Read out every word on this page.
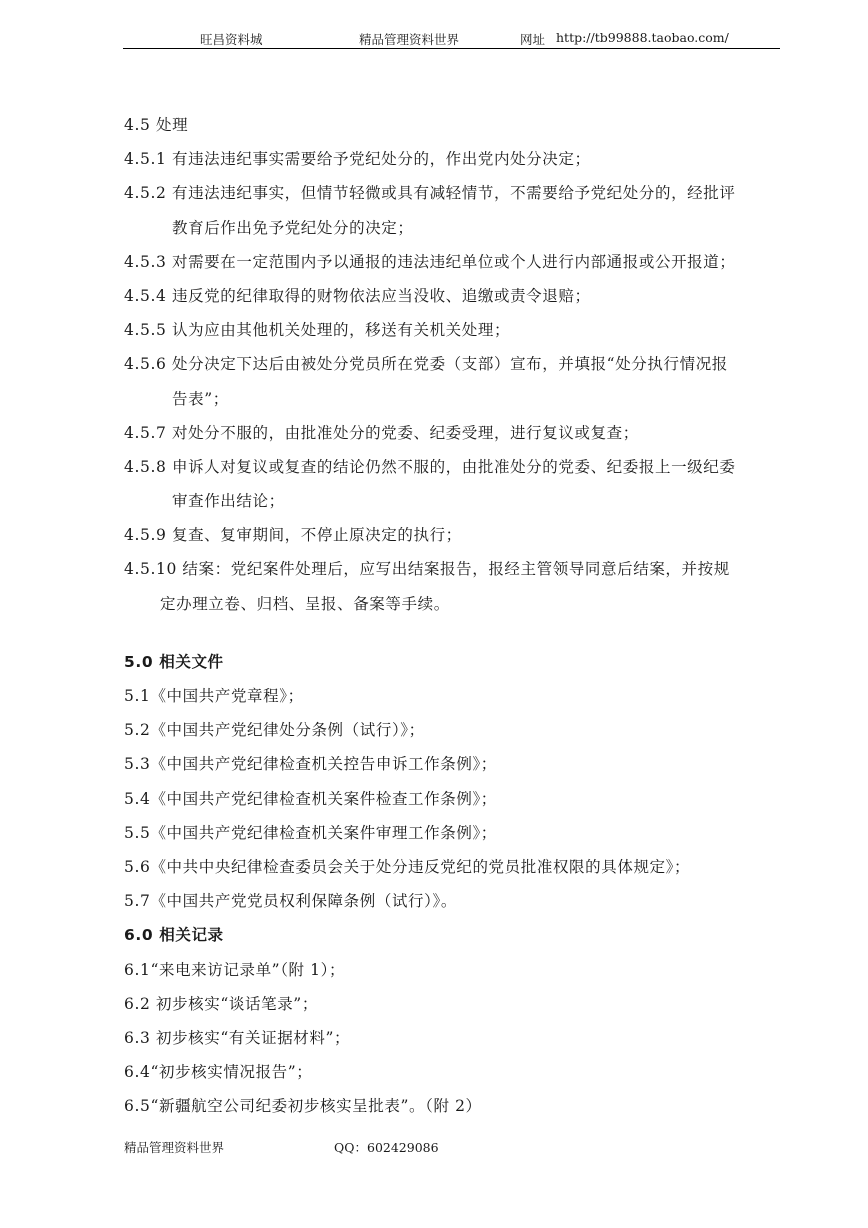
旺昌资料城	精品管理资料世界	网址 http://tb99888.taobao.com/
4.5 处理
4.5.1 有违法违纪事实需要给予党纪处分的，作出党内处分决定；
4.5.2 有违法违纪事实，但情节轻微或具有减轻情节，不需要给予党纪处分的，经批评
教育后作出免予党纪处分的决定；
4.5.3 对需要在一定范围内予以通报的违法违纪单位或个人进行内部通报或公开报道；
4.5.4 违反党的纪律取得的财物依法应当没收、追缴或责令退赔；
4.5.5 认为应由其他机关处理的，移送有关机关处理；
4.5.6 处分决定下达后由被处分党员所在党委（支部）宣布，并填报“处分执行情况报
告表”；
4.5.7 对处分不服的，由批准处分的党委、纪委受理，进行复议或复查；
4.5.8 申诉人对复议或复查的结论仍然不服的，由批准处分的党委、纪委报上一级纪委
审查作出结论；
4.5.9 复查、复审期间，不停止原决定的执行；
4.5.10 结案：党纪案件处理后，应写出结案报告，报经主管领导同意后结案，并按规
定办理立卷、归档、呈报、备案等手续。
5.0 相关文件
5.1《中国共产党章程》；
5.2《中国共产党纪律处分条例（试行）》；
5.3《中国共产党纪律检查机关控告申诉工作条例》；
5.4《中国共产党纪律检查机关案件检查工作条例》；
5.5《中国共产党纪律检查机关案件审理工作条例》；
5.6《中共中央纪律检查委员会关于处分违反党纪的党员批准权限的具体规定》；
5.7《中国共产党党员权利保障条例（试行）》。
6.0 相关记录
6.1“来电来访记录单”（附 1）；
6.2 初步核实“谈话笔录”；
6.3 初步核实“有关证据材料”；
6.4“初步核实情况报告”；
6.5“新疆航空公司纪委初步核实呈批表”。（附 2）
精品管理资料世界	QQ：602429086
